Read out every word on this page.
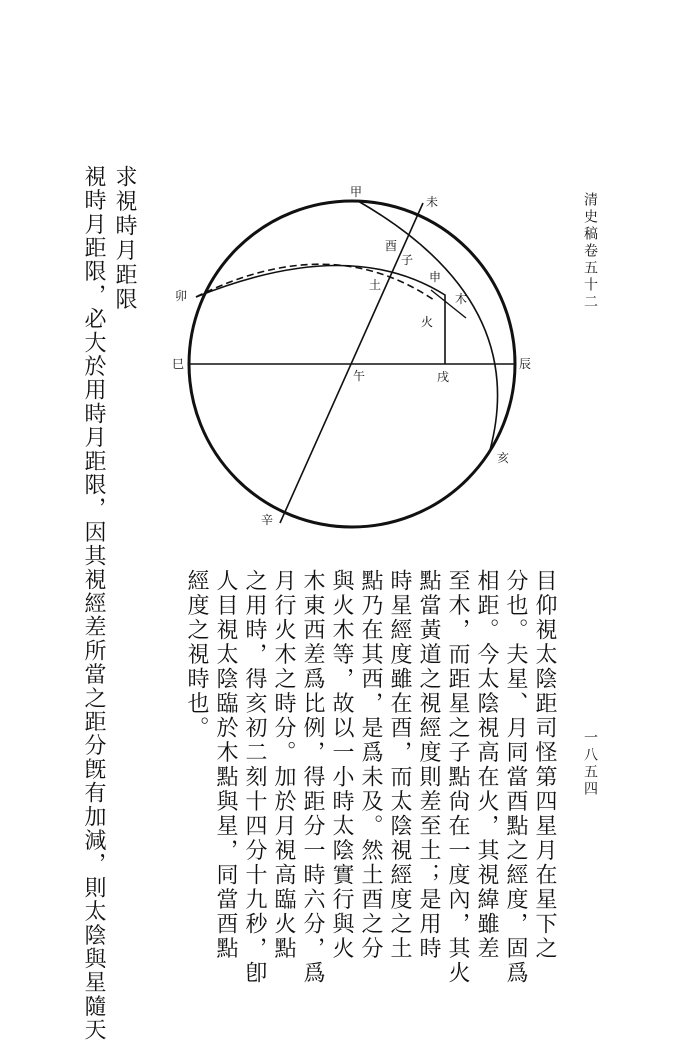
清史稿卷五十二
一八五四
甲
未
酉
子
申
土
木
火
卯
巳
午	戌
辰
亥
辛
目仰視太陰距司怪第四星月在星下之
分也。夫星、月同當酉點之經度，固爲
相距。今太陰視高在火，其視緯雖差
至木，而距星之子點尙在一度內，其火
點當黃道之視經度則差至土；是用時
時星經度雖在酉，而太陰視經度之土
點乃在其西，是爲未及。然土酉之分
與火木等，故以一小時太陰實行與火
木東西差爲比例，得距分一時六分，爲
月行火木之時分。加於月視高臨火點
之用時，得亥初二刻十四分十九秒，卽
人目視太陰臨於木點與星，同當酉點
經度之視時也。
求視時月距限
視時月距限，必大於用時月距限，因其視經差所當之距分旣有加減，則太陰與星隨天
